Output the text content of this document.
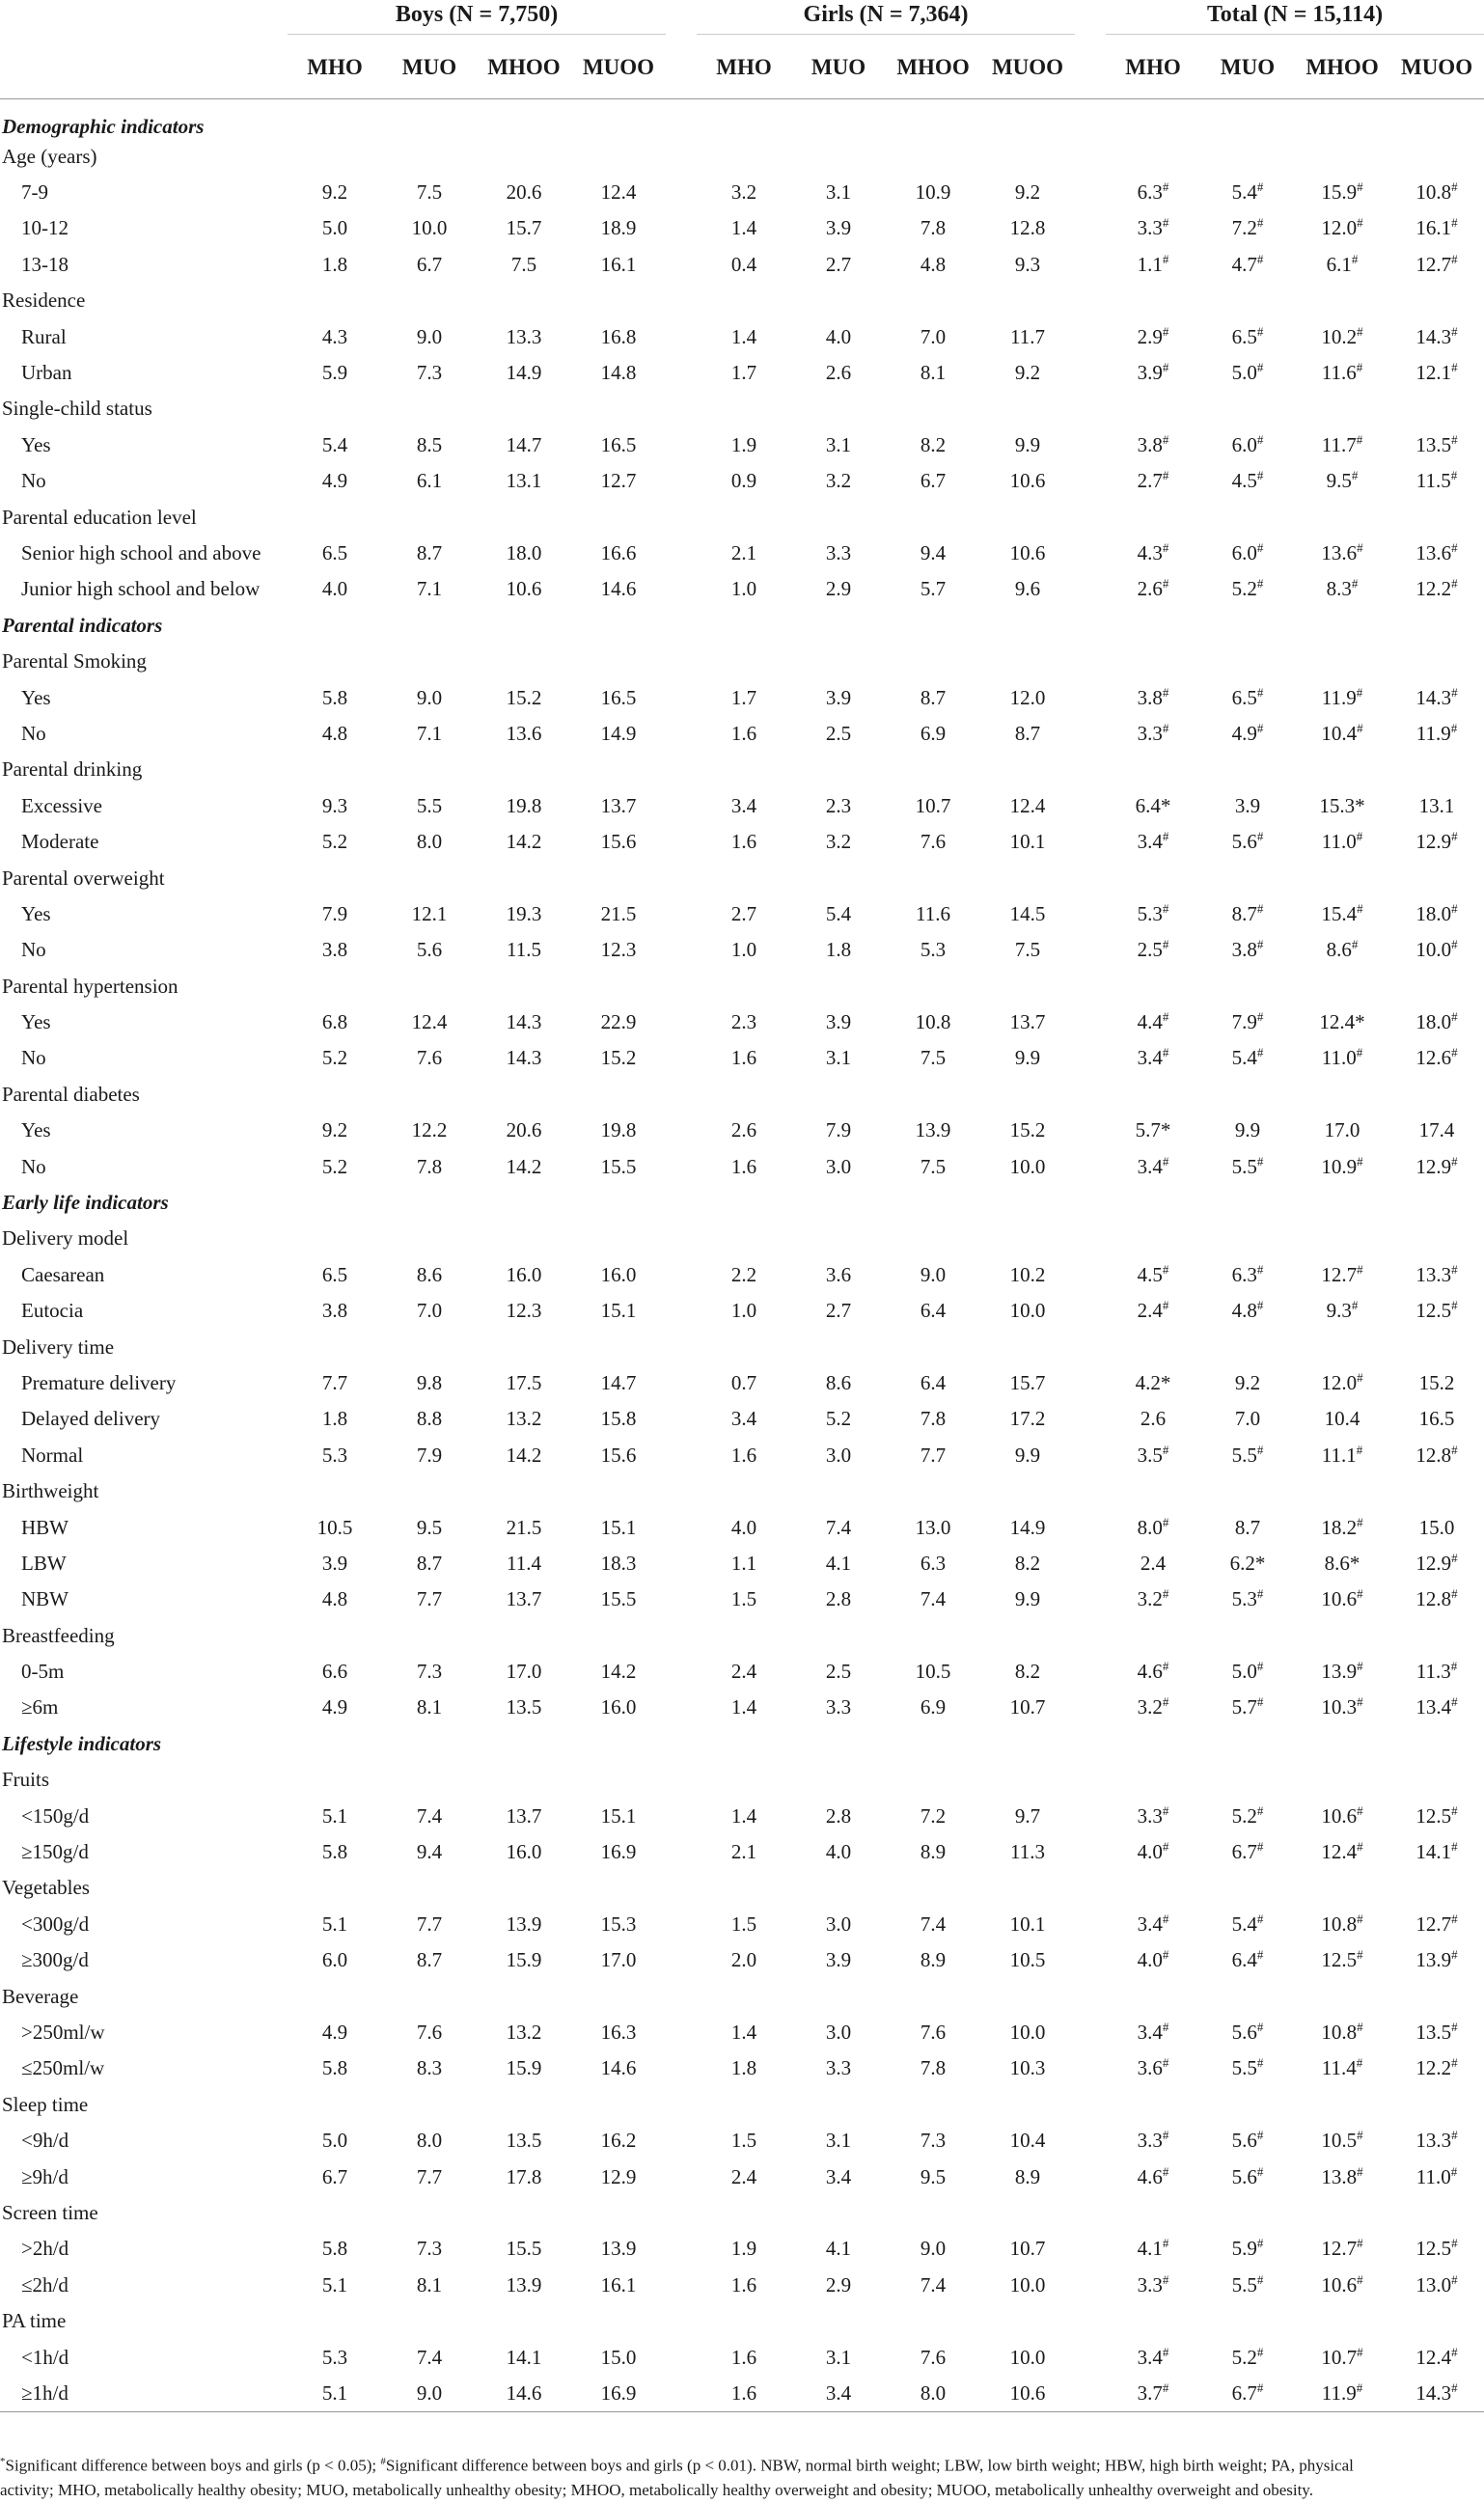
	Boys (N = 7,750)					Girls (N = 7,364)					Total (N = 15,114)			

	MHO	MUO	MHOO	MUOO		MHO	MUO	MHOO	MUOO		MHO	MUO	MHOO	MUOO
Demographic indicators														
Age (years)														
7-9	9.2	7.5	20.6	12.4		3.2	3.1	10.9	9.2		6.3#	5.4#	15.9#	10.8#
10-12	5.0	10.0	15.7	18.9		1.4	3.9	7.8	12.8		3.3#	7.2#	12.0#	16.1#
13-18	1.8	6.7	7.5	16.1		0.4	2.7	4.8	9.3		1.1#	4.7#	6.1#	12.7#
Residence														
Rural	4.3	9.0	13.3	16.8		1.4	4.0	7.0	11.7		2.9#	6.5#	10.2#	14.3#
Urban	5.9	7.3	14.9	14.8		1.7	2.6	8.1	9.2		3.9#	5.0#	11.6#	12.1#
Single-child status														
Yes	5.4	8.5	14.7	16.5		1.9	3.1	8.2	9.9		3.8#	6.0#	11.7#	13.5#
No	4.9	6.1	13.1	12.7		0.9	3.2	6.7	10.6		2.7#	4.5#	9.5#	11.5#
Parental education level														
Senior high school and above	6.5	8.7	18.0	16.6		2.1	3.3	9.4	10.6		4.3#	6.0#	13.6#	13.6#
Junior high school and below	4.0	7.1	10.6	14.6		1.0	2.9	5.7	9.6		2.6#	5.2#	8.3#	12.2#
Parental indicators														
Parental Smoking														
Yes	5.8	9.0	15.2	16.5		1.7	3.9	8.7	12.0		3.8#	6.5#	11.9#	14.3#
No	4.8	7.1	13.6	14.9		1.6	2.5	6.9	8.7		3.3#	4.9#	10.4#	11.9#
Parental drinking														
Excessive	9.3	5.5	19.8	13.7		3.4	2.3	10.7	12.4		6.4*	3.9	15.3*	13.1
Moderate	5.2	8.0	14.2	15.6		1.6	3.2	7.6	10.1		3.4#	5.6#	11.0#	12.9#
Parental overweight														
Yes	7.9	12.1	19.3	21.5		2.7	5.4	11.6	14.5		5.3#	8.7#	15.4#	18.0#
No	3.8	5.6	11.5	12.3		1.0	1.8	5.3	7.5		2.5#	3.8#	8.6#	10.0#
Parental hypertension														
Yes	6.8	12.4	14.3	22.9		2.3	3.9	10.8	13.7		4.4#	7.9#	12.4*	18.0#
No	5.2	7.6	14.3	15.2		1.6	3.1	7.5	9.9		3.4#	5.4#	11.0#	12.6#
Parental diabetes														
Yes	9.2	12.2	20.6	19.8		2.6	7.9	13.9	15.2		5.7*	9.9	17.0	17.4
No	5.2	7.8	14.2	15.5		1.6	3.0	7.5	10.0		3.4#	5.5#	10.9#	12.9#
Early life indicators														
Delivery model														
Caesarean	6.5	8.6	16.0	16.0		2.2	3.6	9.0	10.2		4.5#	6.3#	12.7#	13.3#
Eutocia	3.8	7.0	12.3	15.1		1.0	2.7	6.4	10.0		2.4#	4.8#	9.3#	12.5#
Delivery time														
Premature delivery	7.7	9.8	17.5	14.7		0.7	8.6	6.4	15.7		4.2*	9.2	12.0#	15.2
Delayed delivery	1.8	8.8	13.2	15.8		3.4	5.2	7.8	17.2		2.6	7.0	10.4	16.5
Normal	5.3	7.9	14.2	15.6		1.6	3.0	7.7	9.9		3.5#	5.5#	11.1#	12.8#
Birthweight														
HBW	10.5	9.5	21.5	15.1		4.0	7.4	13.0	14.9		8.0#	8.7	18.2#	15.0
LBW	3.9	8.7	11.4	18.3		1.1	4.1	6.3	8.2		2.4	6.2*	8.6*	12.9#
NBW	4.8	7.7	13.7	15.5		1.5	2.8	7.4	9.9		3.2#	5.3#	10.6#	12.8#
Breastfeeding														
0-5m	6.6	7.3	17.0	14.2		2.4	2.5	10.5	8.2		4.6#	5.0#	13.9#	11.3#
≥6m	4.9	8.1	13.5	16.0		1.4	3.3	6.9	10.7		3.2#	5.7#	10.3#	13.4#
Lifestyle indicators														
Fruits														
<150g/d	5.1	7.4	13.7	15.1		1.4	2.8	7.2	9.7		3.3#	5.2#	10.6#	12.5#
≥150g/d	5.8	9.4	16.0	16.9		2.1	4.0	8.9	11.3		4.0#	6.7#	12.4#	14.1#
Vegetables														
<300g/d	5.1	7.7	13.9	15.3		1.5	3.0	7.4	10.1		3.4#	5.4#	10.8#	12.7#
≥300g/d	6.0	8.7	15.9	17.0		2.0	3.9	8.9	10.5		4.0#	6.4#	12.5#	13.9#
Beverage														
>250ml/w	4.9	7.6	13.2	16.3		1.4	3.0	7.6	10.0		3.4#	5.6#	10.8#	13.5#
≤250ml/w	5.8	8.3	15.9	14.6		1.8	3.3	7.8	10.3		3.6#	5.5#	11.4#	12.2#
Sleep time														
<9h/d	5.0	8.0	13.5	16.2		1.5	3.1	7.3	10.4		3.3#	5.6#	10.5#	13.3#
≥9h/d	6.7	7.7	17.8	12.9		2.4	3.4	9.5	8.9		4.6#	5.6#	13.8#	11.0#
Screen time														
>2h/d	5.8	7.3	15.5	13.9		1.9	4.1	9.0	10.7		4.1#	5.9#	12.7#	12.5#
≤2h/d	5.1	8.1	13.9	16.1		1.6	2.9	7.4	10.0		3.3#	5.5#	10.6#	13.0#
PA time														
<1h/d	5.3	7.4	14.1	15.0		1.6	3.1	7.6	10.0		3.4#	5.2#	10.7#	12.4#
≥1h/d	5.1	9.0	14.6	16.9		1.6	3.4	8.0	10.6		3.7#	6.7#	11.9#	14.3#
*Significant difference between boys and girls (p < 0.05); #Significant difference between boys and girls (p < 0.01). NBW, normal birth weight; LBW, low birth weight; HBW, high birth weight; PA, physical activity; MHO, metabolically healthy obesity; MUO, metabolically unhealthy obesity; MHOO, metabolically healthy overweight and obesity; MUOO, metabolically unhealthy overweight and obesity.
